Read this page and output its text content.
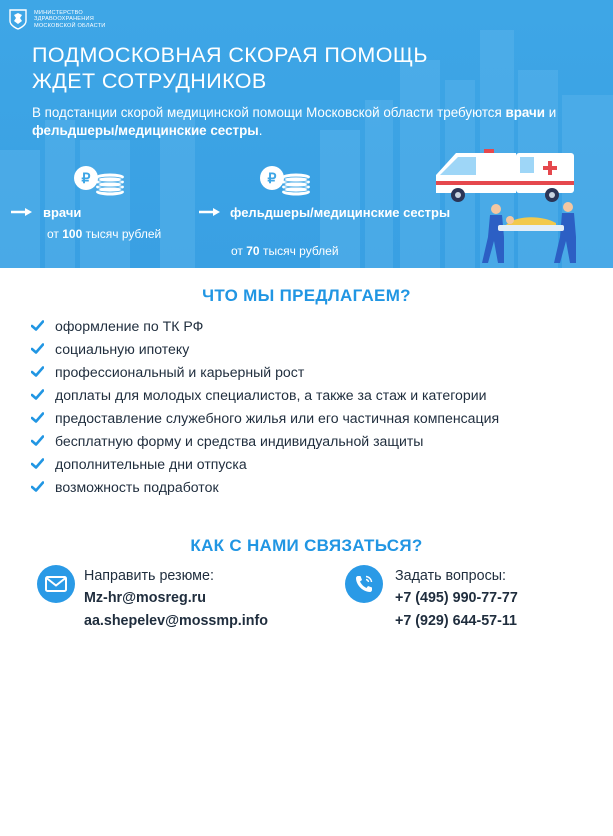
МИНИСТЕРСТВО
ЗДРАВООХРАНЕНИЯ
МОСКОВСКОЙ ОБЛАСТИ
ПОДМОСКОВНАЯ СКОРАЯ ПОМОЩЬ
ЖДЕТ СОТРУДНИКОВ
В подстанции скорой медицинской помощи Московской области требуются врачи и фельдшеры/медицинские сестры.
₽	₽
врачи
от 100 тысяч рублей
фельдшеры/медицинские сестры
от 70 тысяч рублей
ЧТО МЫ ПРЕДЛАГАЕМ?
оформление по ТК РФ
социальную ипотеку
профессиональный и карьерный рост
доплаты для молодых специалистов, а также за стаж и категории
предоставление служебного жилья или его частичная компенсация
бесплатную форму и средства индивидуальной защиты
дополнительные дни отпуска
возможность подработок
КАК С НАМИ СВЯЗАТЬСЯ?
Направить резюме:
Mz-hr@mosreg.ru
aa.shepelev@mossmp.info
Задать вопросы:
+7 (495) 990-77-77
+7 (929) 644-57-11
